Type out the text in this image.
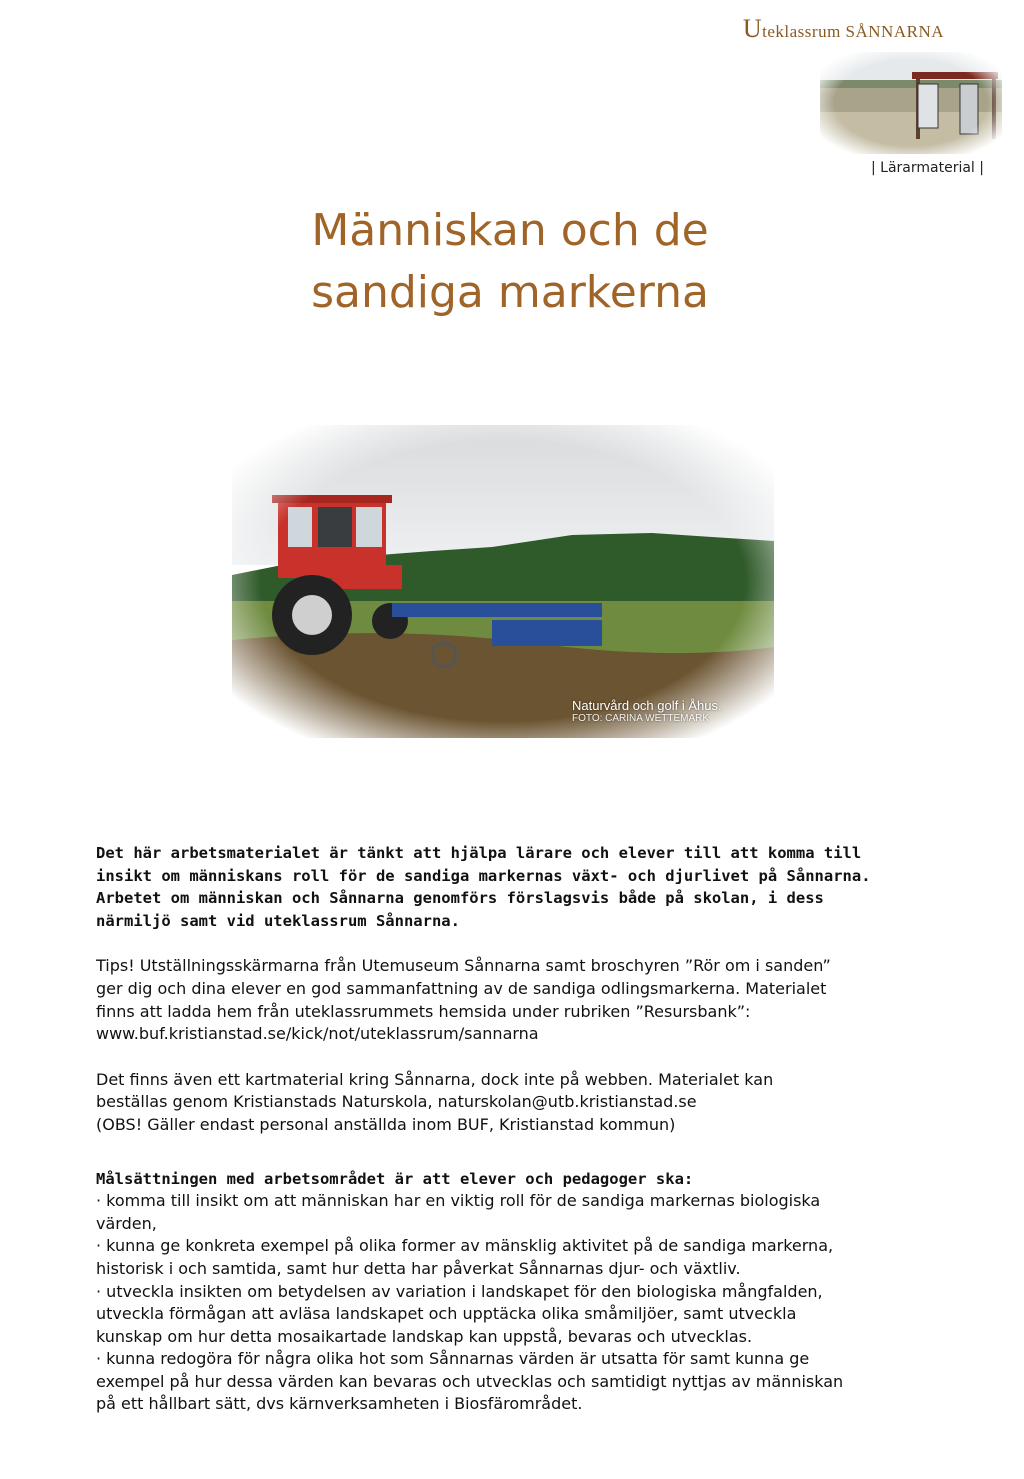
Uteklassrum SÅNNARNA
| Lärarmaterial |
Människan och de
sandiga markerna
Naturvård och golf i Åhus.
FOTO: CARINA WETTEMARK

Det här arbetsmaterialet är tänkt att hjälpa lärare och elever till att komma till
insikt om människans roll för de sandiga markernas växt- och djurlivet på Sånnarna.
Arbetet om människan och Sånnarna genomförs förslagsvis både på skolan, i dess
närmiljö samt vid uteklassrum Sånnarna.

Tips! Utställningsskärmarna från Utemuseum Sånnarna samt broschyren ”Rör om i sanden”
ger dig och dina elever en god sammanfattning av de sandiga odlingsmarkerna. Materialet
finns att ladda hem från uteklassrummets hemsida under rubriken ”Resursbank”:
www.buf.kristianstad.se/kick/not/uteklassrum/sannarna

Det finns även ett kartmaterial kring Sånnarna, dock inte på webben. Materialet kan
beställas genom Kristianstads Naturskola, naturskolan@utb.kristianstad.se
(OBS! Gäller endast personal anställda inom BUF, Kristianstad kommun)

Målsättningen med arbetsområdet är att elever och pedagoger ska:
· komma till insikt om att människan har en viktig roll för de sandiga markernas biologiska
värden,
· kunna ge konkreta exempel på olika former av mänsklig aktivitet på de sandiga markerna,
historisk i och samtida, samt hur detta har påverkat Sånnarnas djur- och växtliv.
· utveckla insikten om betydelsen av variation i landskapet för den biologiska mångfalden,
utveckla förmågan att avläsa landskapet och upptäcka olika småmiljöer, samt utveckla
kunskap om hur detta mosaikartade landskap kan uppstå, bevaras och utvecklas.
· kunna redogöra för några olika hot som Sånnarnas värden är utsatta för samt kunna ge
exempel på hur dessa värden kan bevaras och utvecklas och samtidigt nyttjas av människan
på ett hållbart sätt, dvs kärnverksamheten i Biosfärområdet.
